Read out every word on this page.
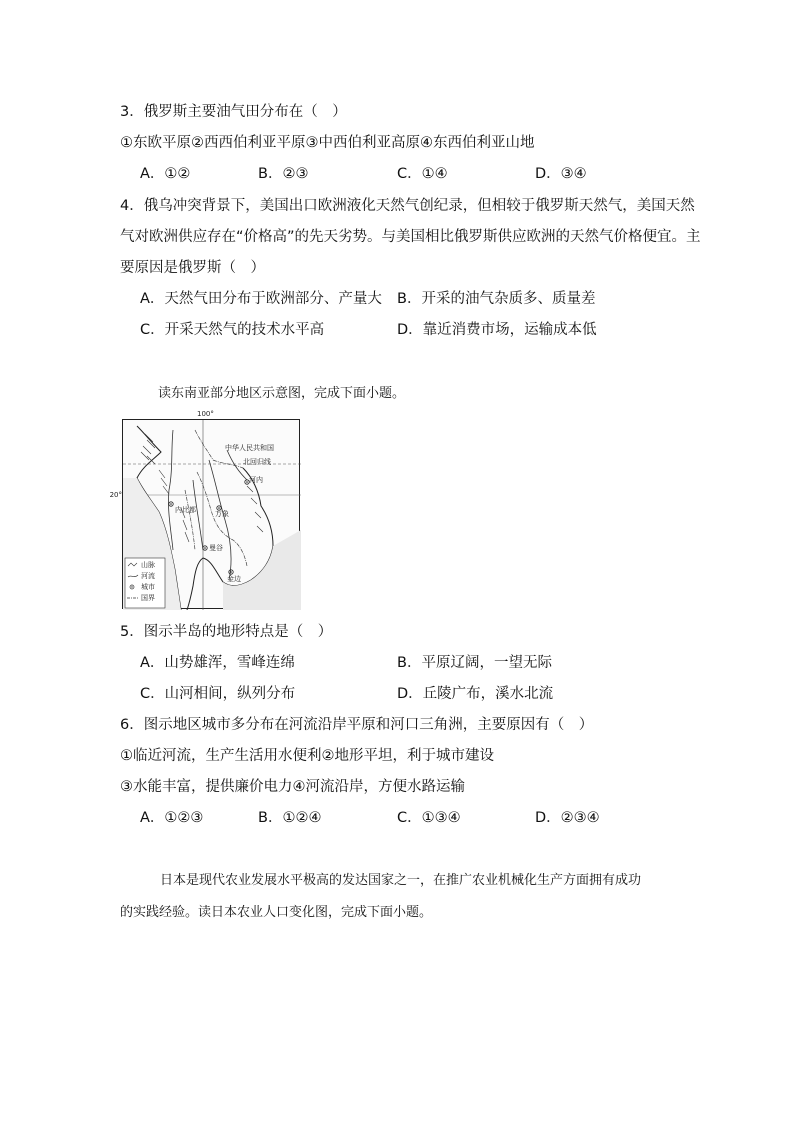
3．俄罗斯主要油气田分布在（　）
①东欧平原②西西伯利亚平原③中西伯利亚高原④东西伯利亚山地
A．①②	B．②③	C．①④	D．③④
4．俄乌冲突背景下，美国出口欧洲液化天然气创纪录，但相较于俄罗斯天然气，美国天然
气对欧洲供应存在“价格高”的先天劣势。与美国相比俄罗斯供应欧洲的天然气价格便宜。主
要原因是俄罗斯（　）
A．天然气田分布于欧洲部分、产量大 B．开采的油气杂质多、质量差
C．开采天然气的技术水平高	D．靠近消费市场，运输成本低
读东南亚部分地区示意图，完成下面小题。
100°
20°
中华人民共和国
北回归线
河内
内比都	万象
曼谷
金边
山脉
河流
城市
国界
5．图示半岛的地形特点是（　）
A．山势雄浑，雪峰连绵	B．平原辽阔，一望无际
C．山河相间，纵列分布	D．丘陵广布，溪水北流
6．图示地区城市多分布在河流沿岸平原和河口三角洲，主要原因有（　）
①临近河流，生产生活用水便利②地形平坦，利于城市建设
③水能丰富，提供廉价电力④河流沿岸，方便水路运输
A．①②③	B．①②④	C．①③④	D．②③④
日本是现代农业发展水平极高的发达国家之一，在推广农业机械化生产方面拥有成功
的实践经验。读日本农业人口变化图，完成下面小题。
